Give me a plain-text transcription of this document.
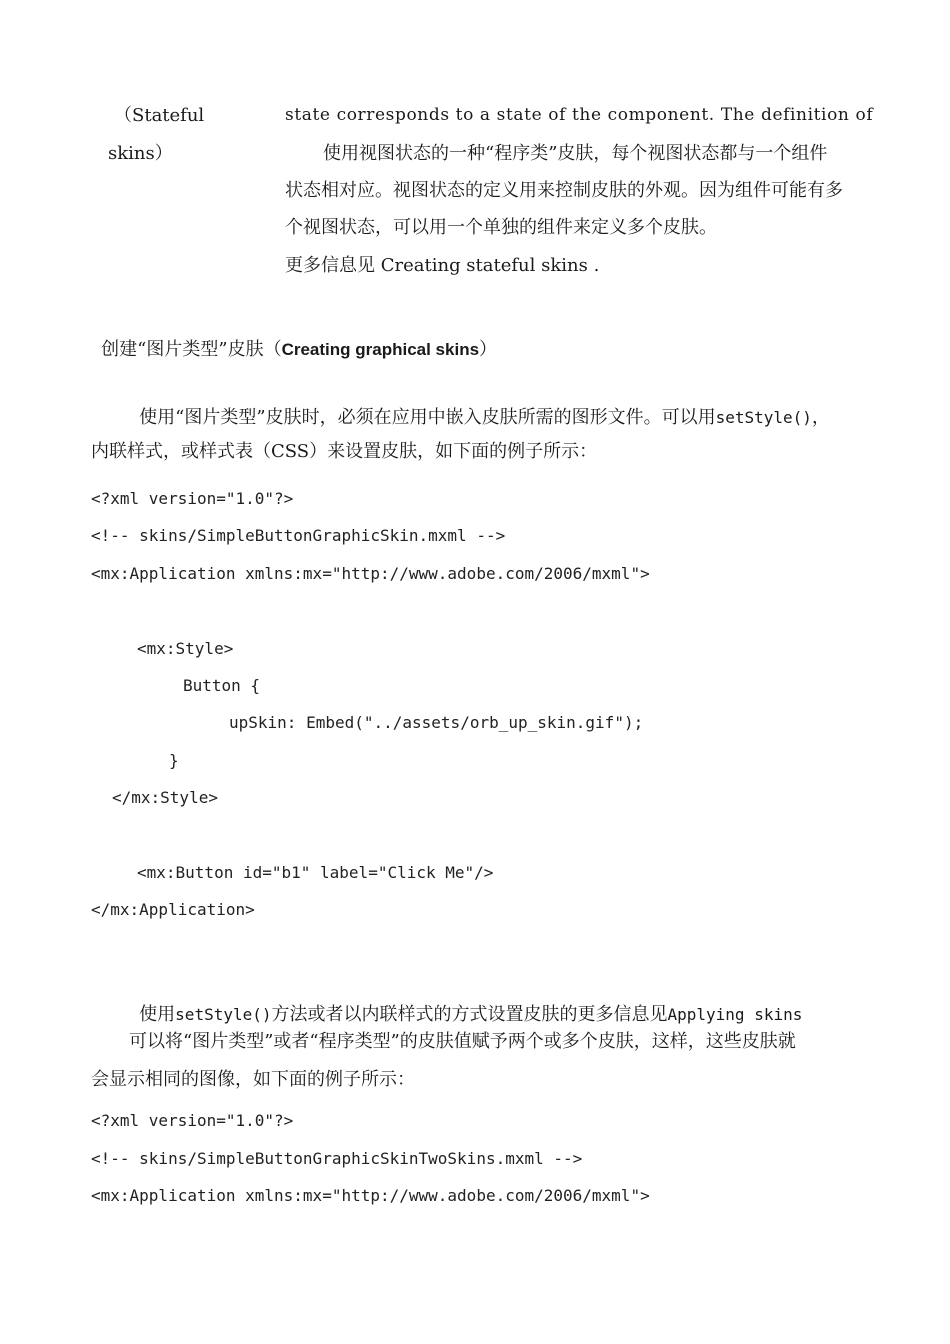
（Stateful
skins）
state corresponds to a state of the component. The definition of
使用视图状态的一种“程序类”皮肤，每个视图状态都与一个组件
状态相对应。视图状态的定义用来控制皮肤的外观。因为组件可能有多
个视图状态，可以用一个单独的组件来定义多个皮肤。
更多信息见 Creating stateful skins .

创建“图片类型”皮肤（Creating graphical skins）

使用“图片类型”皮肤时，必须在应用中嵌入皮肤所需的图形文件。可以用setStyle()，

内联样式，或样式表（CSS）来设置皮肤，如下面的例子所示：
<?xml version="1.0"?>
<!-- skins/SimpleButtonGraphicSkin.mxml -->
<mx:Application xmlns:mx="http://www.adobe.com/2006/mxml">
<mx:Style>
Button {
upSkin: Embed("../assets/orb_up_skin.gif");
}
</mx:Style>
<mx:Button id="b1" label="Click Me"/>
</mx:Application>

使用setStyle()方法或者以内联样式的方式设置皮肤的更多信息见Applying skins

可以将“图片类型”或者“程序类型”的皮肤值赋予两个或多个皮肤，这样，这些皮肤就
会显示相同的图像，如下面的例子所示：
<?xml version="1.0"?>
<!-- skins/SimpleButtonGraphicSkinTwoSkins.mxml -->
<mx:Application xmlns:mx="http://www.adobe.com/2006/mxml">
